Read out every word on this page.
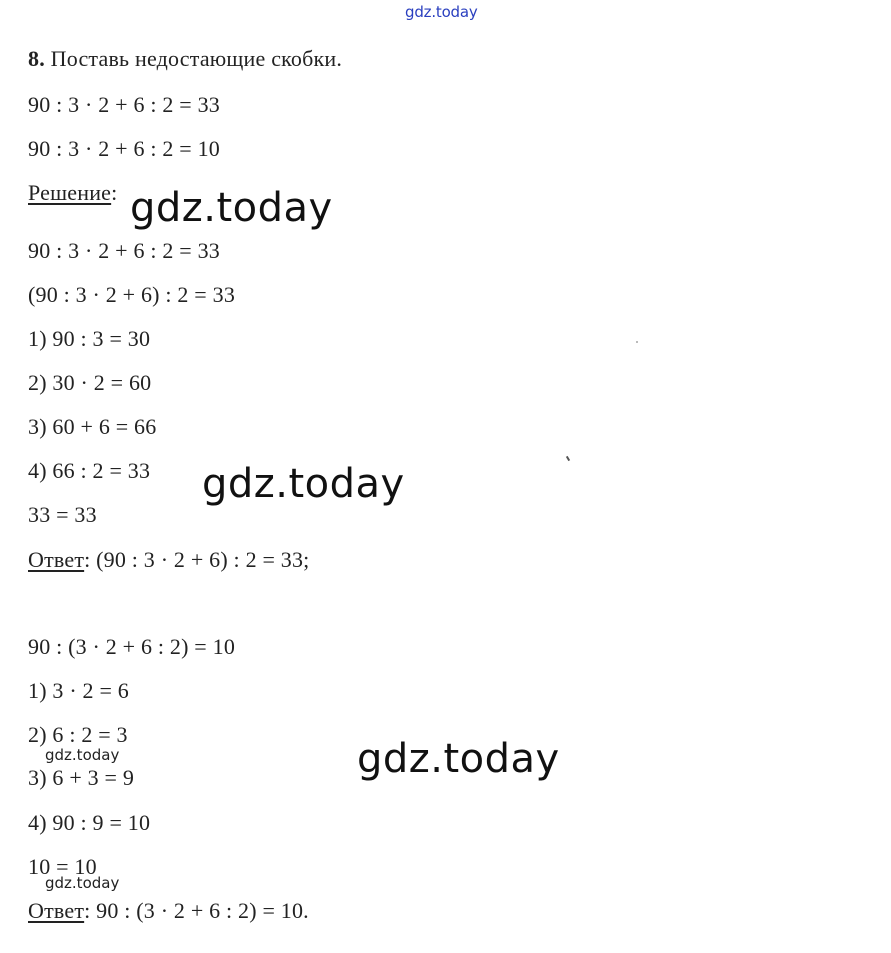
gdz.today
8. Поставь недостающие скобки.
90 : 3 · 2 + 6 : 2 = 33
90 : 3 · 2 + 6 : 2 = 10
Решение: gdz.today
90 : 3 · 2 + 6 : 2 = 33
(90 : 3 · 2 + 6) : 2 = 33
1) 90 : 3 = 30
2) 30 · 2 = 60
3) 60 + 6 = 66
4) 66 : 2 = 33
33 = 33
gdz.today
Ответ: (90 : 3 · 2 + 6) : 2 = 33;
90 : (3 · 2 + 6 : 2) = 10
1) 3 · 2 = 6
2) 6 : 2 = 3
gdz.today
3) 6 + 3 = 9	gdz.today
4) 90 : 9 = 10
10 = 10
gdz.today
Ответ: 90 : (3 · 2 + 6 : 2) = 10.
